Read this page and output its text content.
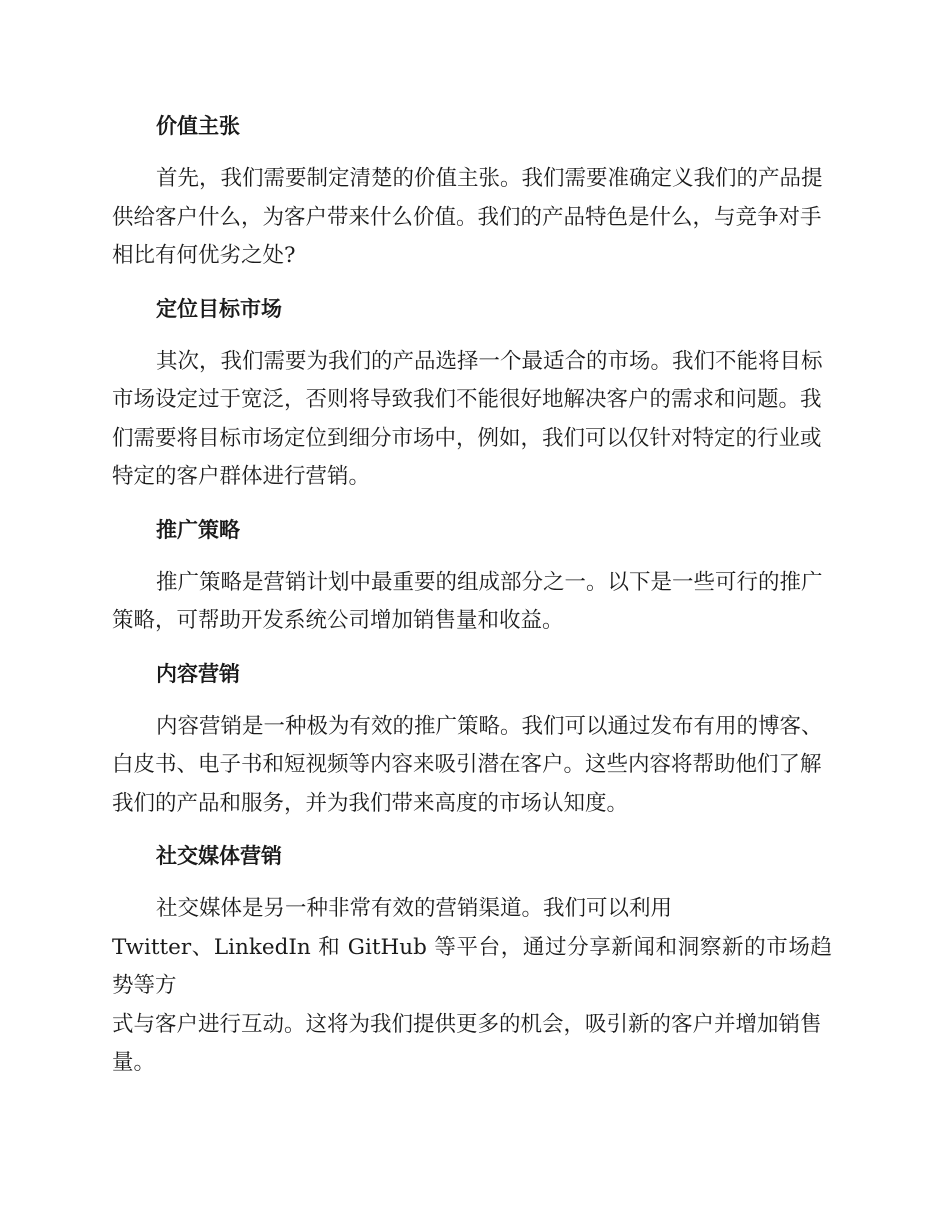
价值主张

首先，我们需要制定清楚的价值主张。我们需要准确定义我们的产品提
供给客户什么，为客户带来什么价值。我们的产品特色是什么，与竞争对手
相比有何优劣之处?

定位目标市场

其次，我们需要为我们的产品选择一个最适合的市场。我们不能将目标
市场设定过于宽泛，否则将导致我们不能很好地解决客户的需求和问题。我
们需要将目标市场定位到细分市场中，例如，我们可以仅针对特定的行业或
特定的客户群体进行营销。

推广策略

推广策略是营销计划中最重要的组成部分之一。以下是一些可行的推广
策略，可帮助开发系统公司增加销售量和收益。

内容营销

内容营销是一种极为有效的推广策略。我们可以通过发布有用的博客、
白皮书、电子书和短视频等内容来吸引潜在客户。这些内容将帮助他们了解
我们的产品和服务，并为我们带来高度的市场认知度。

社交媒体营销

社交媒体是另一种非常有效的营销渠道。我们可以利用
Twitter、LinkedIn 和 GitHub 等平台，通过分享新闻和洞察新的市场趋势等方
式与客户进行互动。这将为我们提供更多的机会，吸引新的客户并增加销售
量。
